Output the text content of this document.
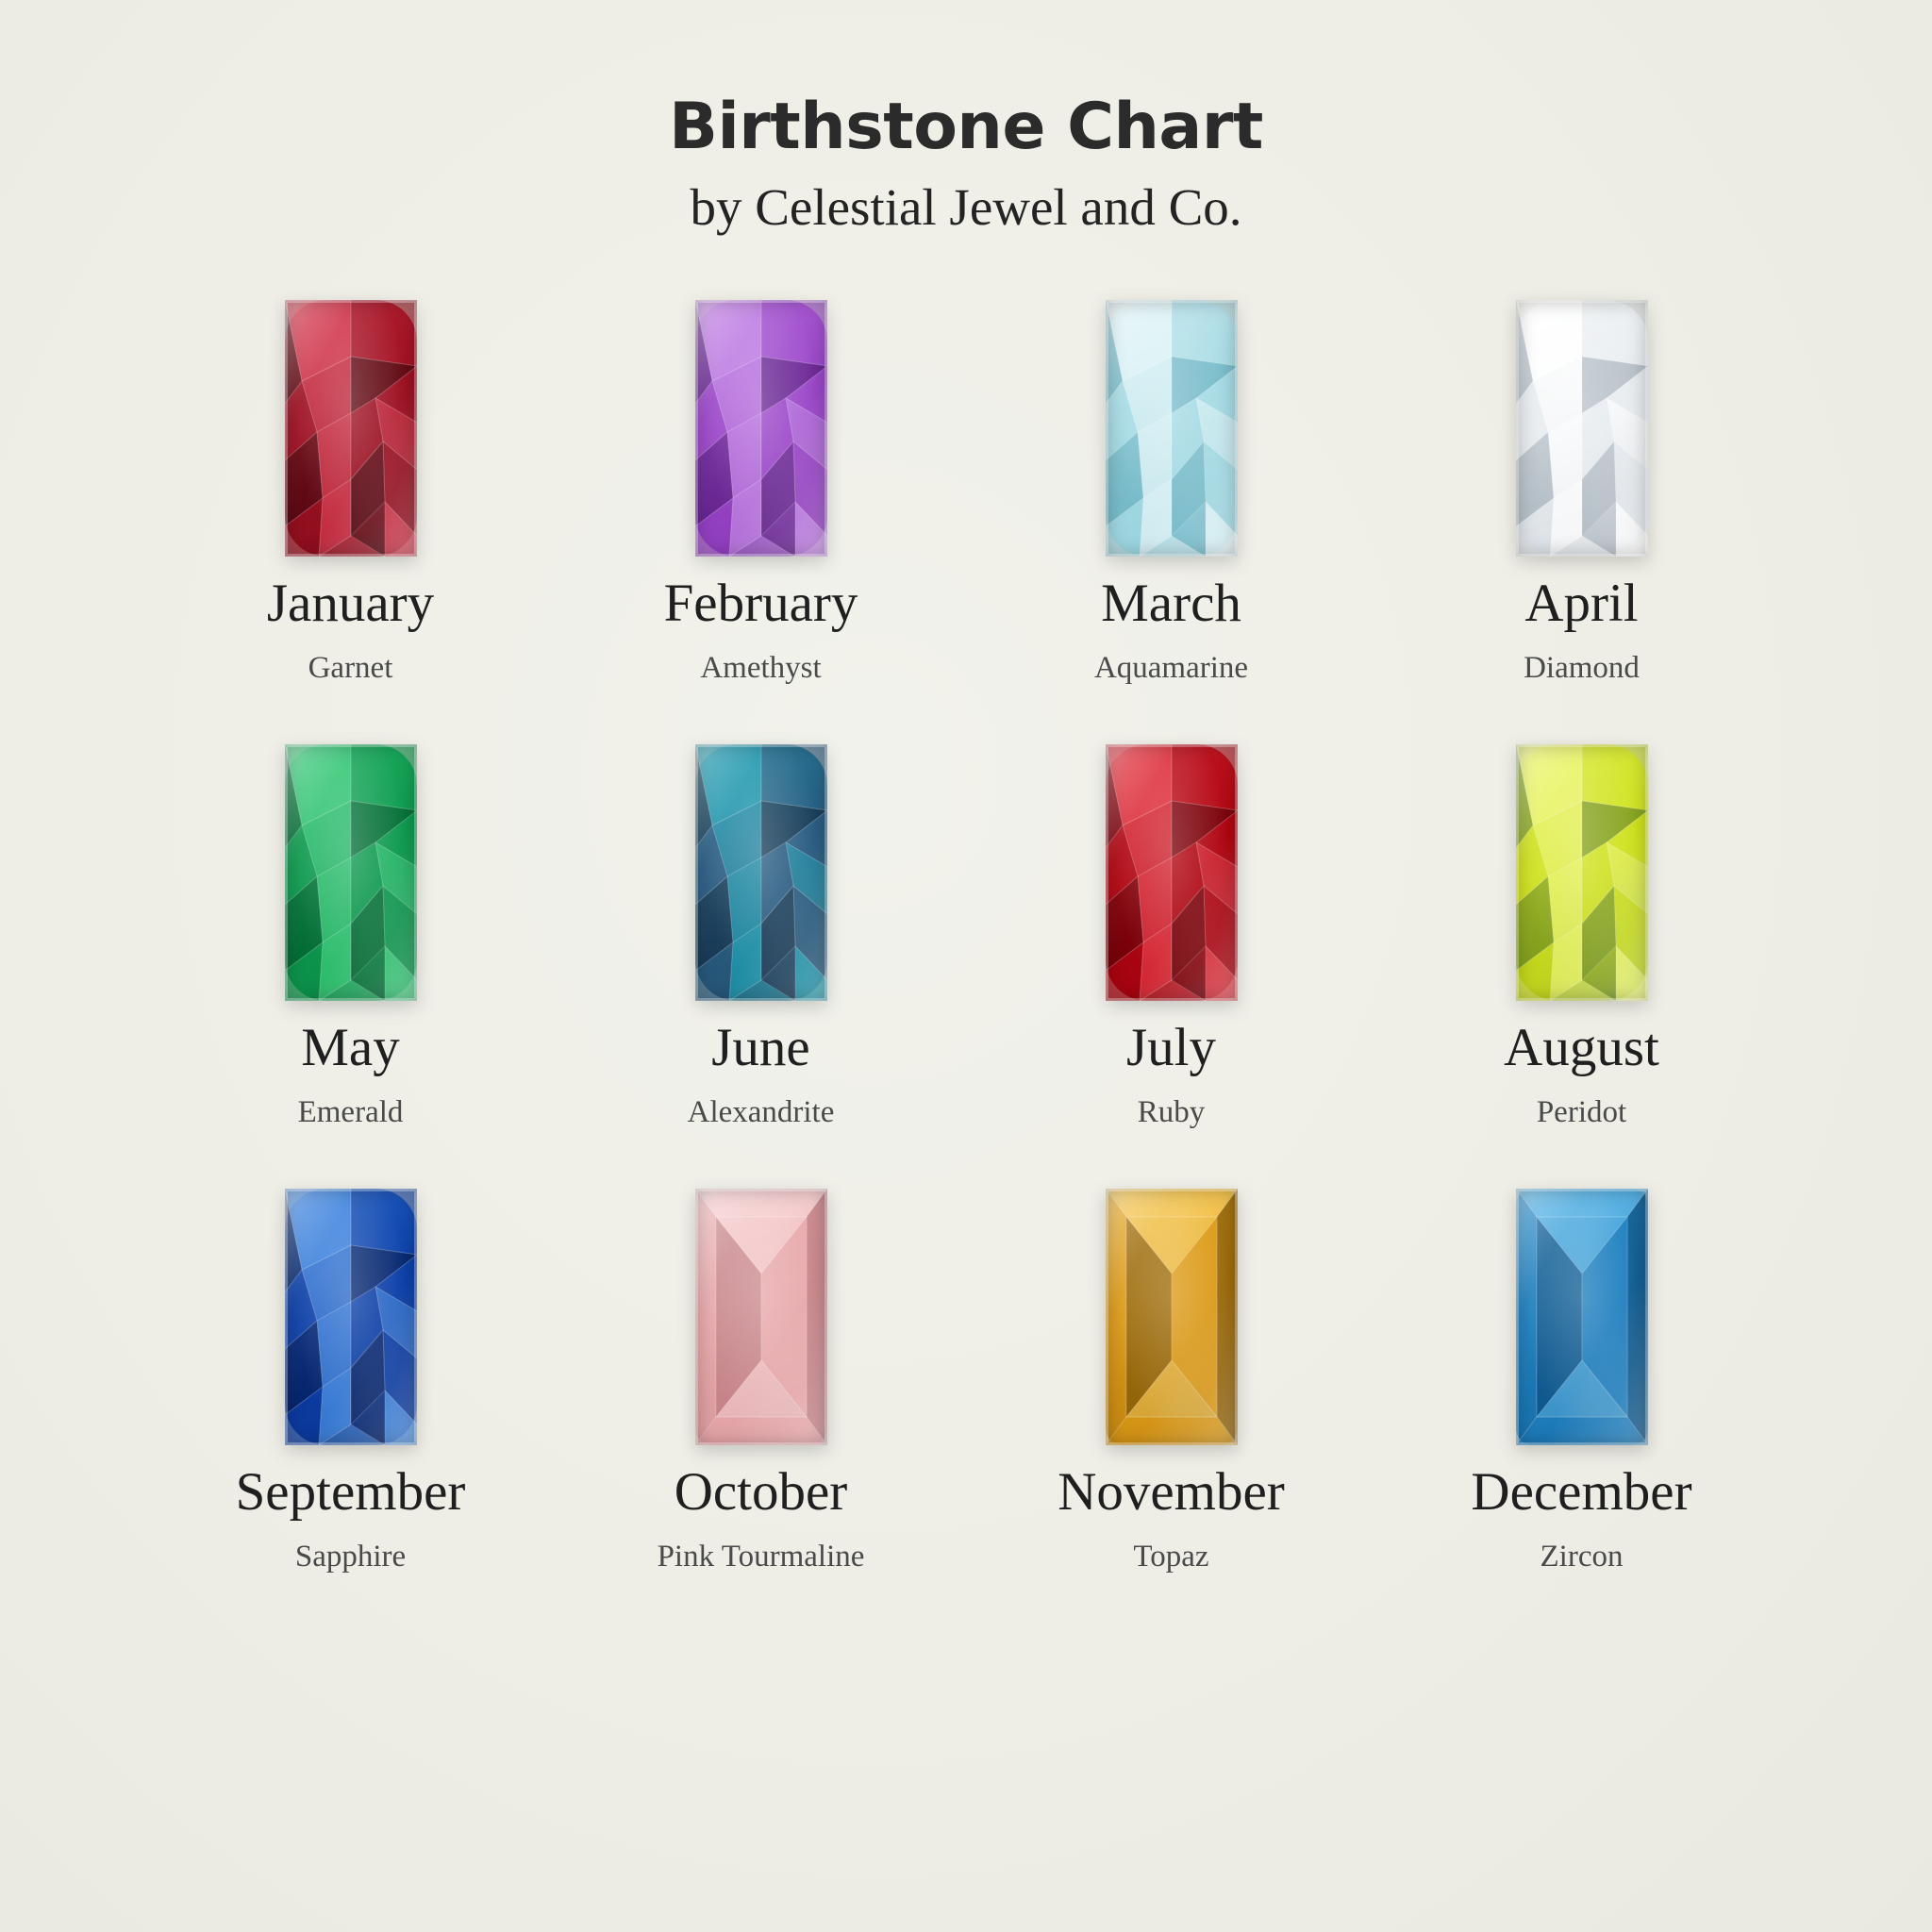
Birthstone Chart

by Celestial Jewel and Co.

January
Garnet
February
Amethyst
March
Aquamarine
April
Diamond
May
Emerald
June
Alexandrite
July
Ruby
August
Peridot
September
Sapphire
October
Pink Tourmaline
November
Topaz
December
Zircon
